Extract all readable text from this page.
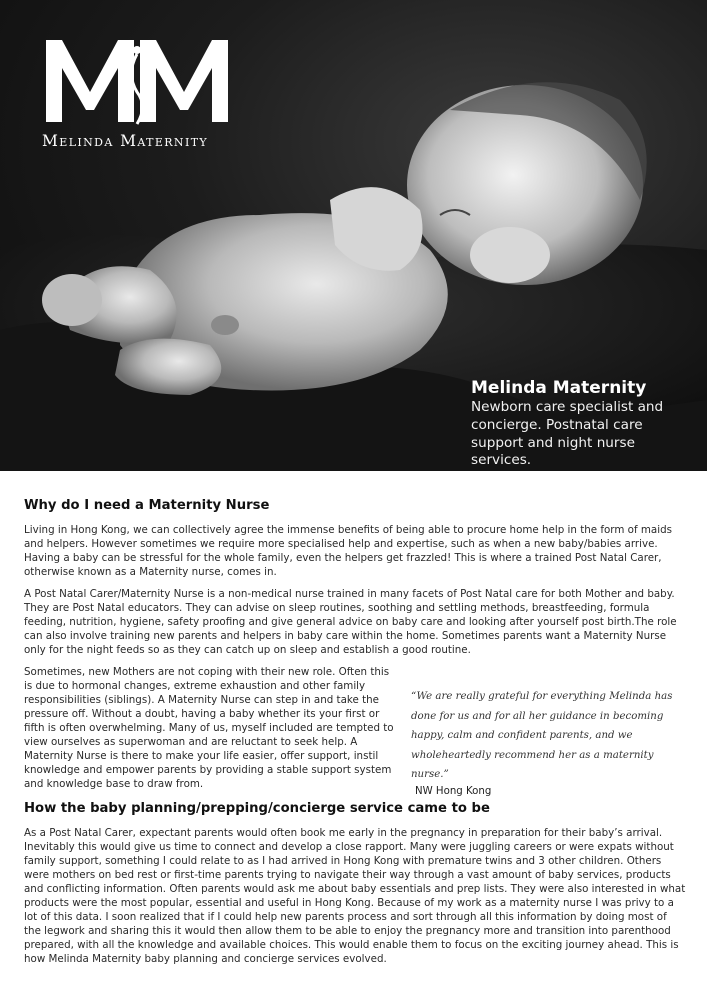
Melinda Maternity
Melinda Maternity
Newborn care specialist and concierge. Postnatal care support and night nurse services.
Why do I need a Maternity Nurse

Living in Hong Kong, we can collectively agree the immense benefits of being able to procure home help in the form of maids and helpers. However sometimes we require more specialised help and expertise, such as when a new baby/babies arrive. Having a baby can be stressful for the whole family, even the helpers get frazzled! This is where a trained Post Natal Carer, otherwise known as a Maternity nurse, comes in.

A Post Natal Carer/Maternity Nurse is a non-medical nurse trained in many facets of Post Natal care for both Mother and baby. They are Post Natal educators. They can advise on sleep routines, soothing and settling methods, breastfeeding, formula feeding, nutrition, hygiene, safety proofing and give general advice on baby care and looking after yourself post birth.The role can also involve training new parents and helpers in baby care within the home. Sometimes parents want a Maternity Nurse only for the night feeds so as they can catch up on sleep and establish a good routine.

Sometimes, new Mothers are not coping with their new role. Often this is due to hormonal changes, extreme exhaustion and other family responsibilities (siblings). A Maternity Nurse can step in and take the pressure off. Without a doubt, having a baby whether its your first or fifth is often overwhelming. Many of us, myself included are tempted to view ourselves as superwoman and are reluctant to seek help. A Maternity Nurse is there to make your life easier, offer support, instil knowledge and empower parents by providing a stable support system and knowledge base to draw from.

“We are really grateful for everything Melinda has done for us and for all her guidance in becoming happy, calm and confident parents, and we wholeheartedly recommend her as a maternity nurse.”
NW Hong Kong
How the baby planning/prepping/concierge service came to be

As a Post Natal Carer, expectant parents would often book me early in the pregnancy in preparation for their baby’s arrival. Inevitably this would give us time to connect and develop a close rapport. Many were juggling careers or were expats without family support, something I could relate to as I had arrived in Hong Kong with premature twins and 3 other children. Others were mothers on bed rest or first-time parents trying to navigate their way through a vast amount of baby services, products and conflicting information. Often parents would ask me about baby essentials and prep lists. They were also interested in what products were the most popular, essential and useful in Hong Kong. Because of my work as a maternity nurse I was privy to a lot of this data. I soon realized that if I could help new parents process and sort through all this information by doing most of the legwork and sharing this it would then allow them to be able to enjoy the pregnancy more and transition into parenthood prepared, with all the knowledge and available choices. This would enable them to focus on the exciting journey ahead. This is how Melinda Maternity baby planning and concierge services evolved.
